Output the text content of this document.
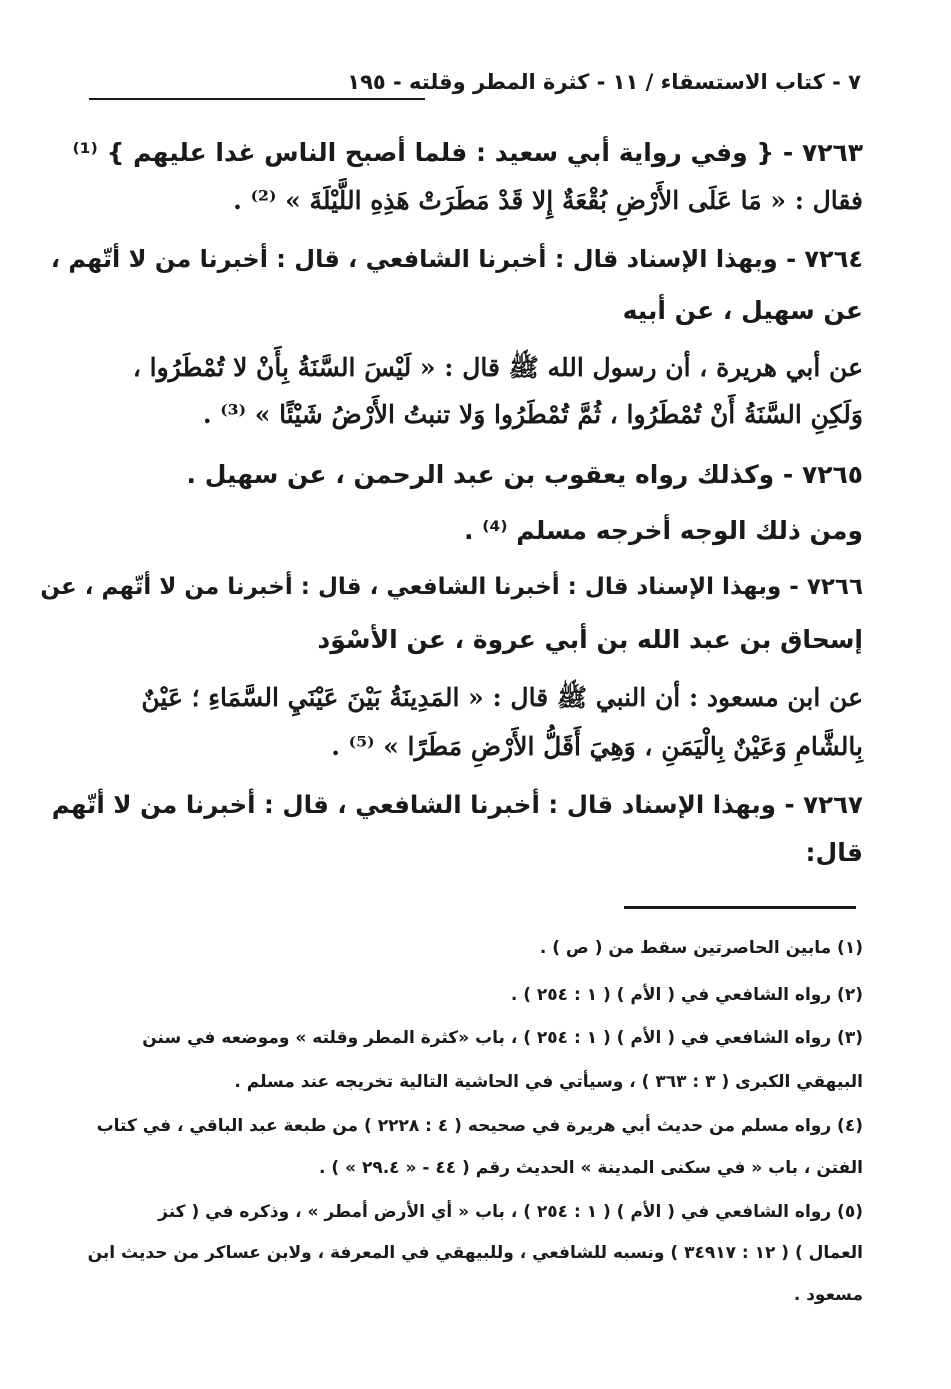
٧ - كتاب الاستسقاء / ١١ - كثرة المطر وقلته - ١٩٥
٧٢٦٣ - { وفي رواية أبي سعيد : فلما أصبح الناس غدا عليهم } ⁽¹⁾
فقال : « مَا عَلَى الأَرْضِ بُقْعَةٌ إِلا قَدْ مَطَرَتْ هَذِهِ اللَّيْلَةَ » ⁽²⁾ .
٧٢٦٤ - وبهذا الإسناد قال : أخبرنا الشافعي ، قال : أخبرنا من لا أتّهم ،
عن سهيل ، عن أبيه
عن أبي هريرة ، أن رسول الله ﷺ قال : « لَيْسَ السَّنَةُ بِأَنْ لا تُمْطَرُوا ،
وَلَكِنِ السَّنَةُ أَنْ تُمْطَرُوا ، ثُمَّ تُمْطَرُوا وَلا تنبتُ الأَرْضُ شَيْئًا » ⁽³⁾ .
٧٢٦٥ - وكذلك رواه يعقوب بن عبد الرحمن ، عن سهيل .
ومن ذلك الوجه أخرجه مسلم ⁽⁴⁾ .
٧٢٦٦ - وبهذا الإسناد قال : أخبرنا الشافعي ، قال : أخبرنا من لا أتّهم ، عن
إسحاق بن عبد الله بن أبي عروة ، عن الأسْوَد
عن ابن مسعود : أن النبي ﷺ قال : « المَدِينَةُ بَيْنَ عَيْنَيِ السَّمَاءِ ؛ عَيْنٌ
بِالشَّامِ وَعَيْنٌ بِالْيَمَنِ ، وَهِيَ أَقَلُّ الأَرْضِ مَطَرًا » ⁽⁵⁾ .
٧٢٦٧ - وبهذا الإسناد قال : أخبرنا الشافعي ، قال : أخبرنا من لا أتّهم
قال:
(١) مابين الحاصرتين سقط من ( ص ) .
(٢) رواه الشافعي في ( الأم ) ( ١ : ٢٥٤ ) .
(٣) رواه الشافعي في ( الأم ) ( ١ : ٢٥٤ ) ، باب «كثرة المطر وقلته » وموضعه في سنن
البيهقي الكبرى ( ٣ : ٣٦٣ ) ، وسيأتي في الحاشية التالية تخريجه عند مسلم .
(٤) رواه مسلم من حديث أبي هريرة في صحيحه ( ٤ : ٢٢٢٨ ) من طبعة عبد الباقي ، في كتاب
الفتن ، باب « في سكنى المدينة » الحديث رقم ( ٤٤ - « ٢٩.٤ » ) .
(٥) رواه الشافعي في ( الأم ) ( ١ : ٢٥٤ ) ، باب « أي الأرض أمطر » ، وذكره في ( كنز
العمال ) ( ١٢ : ٣٤٩١٧ ) ونسبه للشافعي ، وللبيهقي في المعرفة ، ولابن عساكر من حديث ابن
مسعود .
